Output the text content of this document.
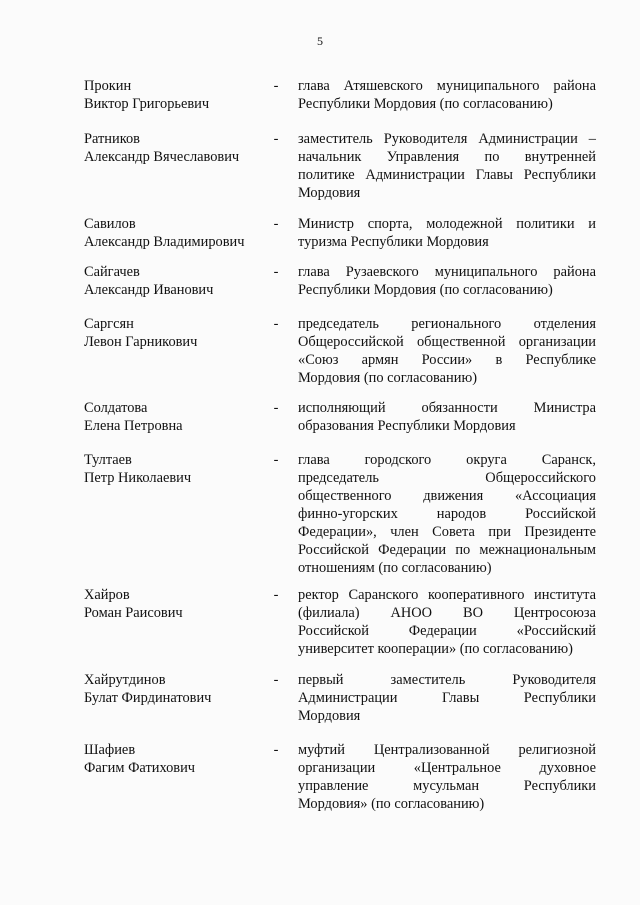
5
Прокин
Виктор Григорьевич
- глава Атяшевского муниципального района
Республики Мордовия (по согласованию)
Ратников
Александр Вячеславович
- заместитель Руководителя Администрации –
начальник Управления по внутренней
политике Администрации Главы Республики
Мордовия
Савилов
Александр Владимирович
- Министр спорта, молодежной политики и
туризма Республики Мордовия
Сайгачев
Александр Иванович
- глава Рузаевского муниципального района
Республики Мордовия (по согласованию)
Саргсян
Левон Гарникович
- председатель регионального отделения
Общероссийской общественной организации
«Союз армян России» в Республике
Мордовия (по согласованию)
Солдатова
Елена Петровна
- исполняющий обязанности Министра
образования Республики Мордовия
Тултаев
Петр Николаевич
- глава городского округа Саранск,
председатель Общероссийского
общественного движения «Ассоциация
финно-угорских народов Российской
Федерации», член Совета при Президенте
Российской Федерации по межнациональным
отношениям (по согласованию)
Хайров
Роман Раисович
- ректор Саранского кооперативного института
(филиала) АНОО ВО Центросоюза
Российской Федерации «Российский
университет кооперации» (по согласованию)
Хайрутдинов
Булат Фирдинатович
- первый заместитель Руководителя
Администрации Главы Республики
Мордовия
Шафиев
Фагим Фатихович
- муфтий Централизованной религиозной
организации «Центральное духовное
управление мусульман Республики
Мордовия» (по согласованию)
